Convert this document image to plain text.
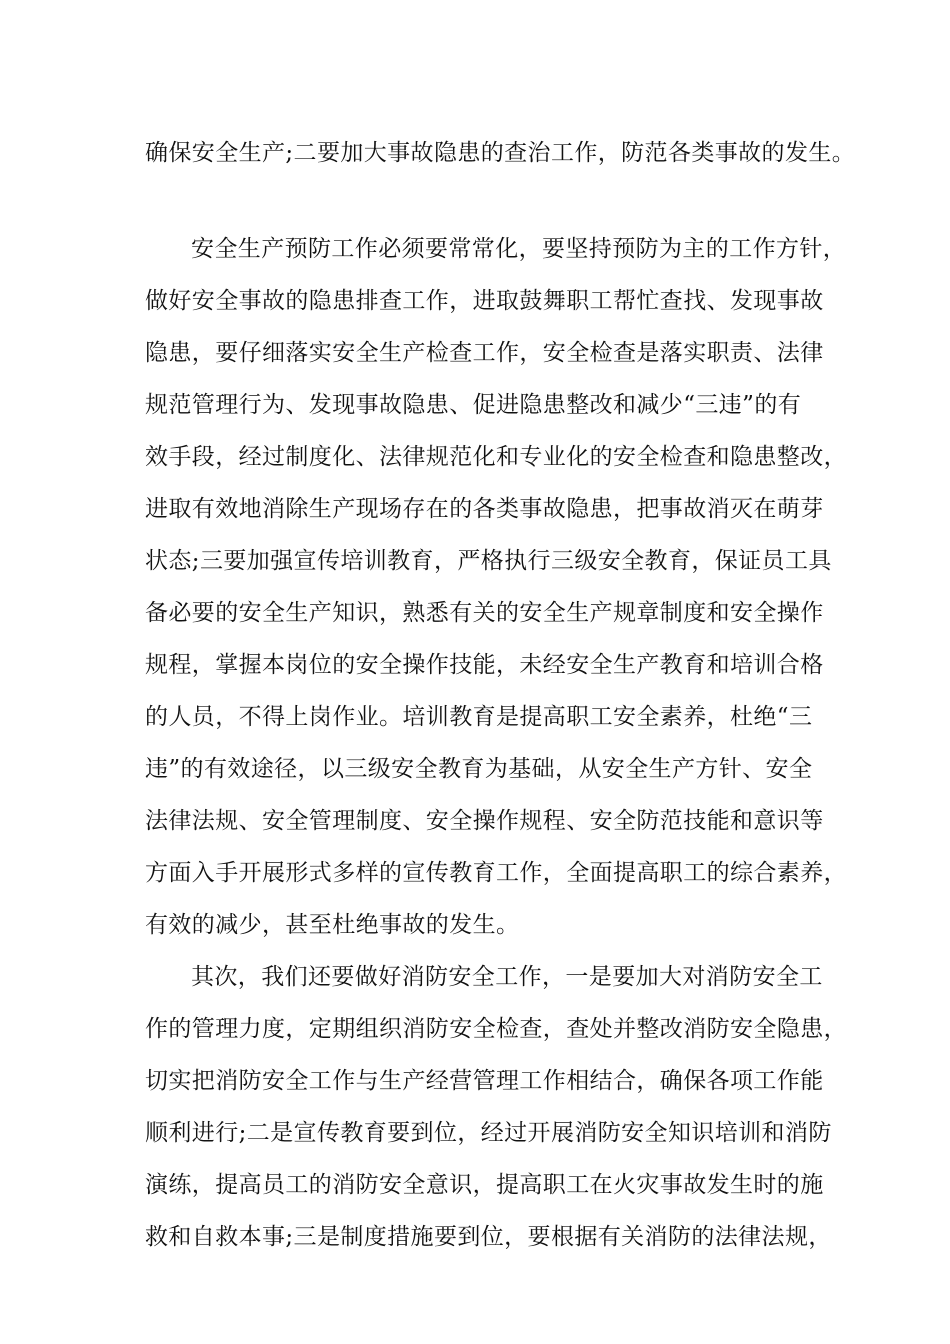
确保安全生产;二要加大事故隐患的查治工作，防范各类事故的发生。
安全生产预防工作必须要常常化，要坚持预防为主的工作方针，
做好安全事故的隐患排查工作，进取鼓舞职工帮忙查找、发现事故
隐患，要仔细落实安全生产检查工作，安全检查是落实职责、法律
规范管理行为、发现事故隐患、促进隐患整改和减少“三违”的有
效手段，经过制度化、法律规范化和专业化的安全检查和隐患整改，
进取有效地消除生产现场存在的各类事故隐患，把事故消灭在萌芽
状态;三要加强宣传培训教育，严格执行三级安全教育，保证员工具
备必要的安全生产知识，熟悉有关的安全生产规章制度和安全操作
规程，掌握本岗位的安全操作技能，未经安全生产教育和培训合格
的人员，不得上岗作业。培训教育是提高职工安全素养，杜绝“三
违”的有效途径，以三级安全教育为基础，从安全生产方针、安全
法律法规、安全管理制度、安全操作规程、安全防范技能和意识等
方面入手开展形式多样的宣传教育工作，全面提高职工的综合素养，
有效的减少，甚至杜绝事故的发生。
其次，我们还要做好消防安全工作，一是要加大对消防安全工
作的管理力度，定期组织消防安全检查，查处并整改消防安全隐患，
切实把消防安全工作与生产经营管理工作相结合，确保各项工作能
顺利进行;二是宣传教育要到位，经过开展消防安全知识培训和消防
演练，提高员工的消防安全意识，提高职工在火灾事故发生时的施
救和自救本事;三是制度措施要到位，要根据有关消防的法律法规，
